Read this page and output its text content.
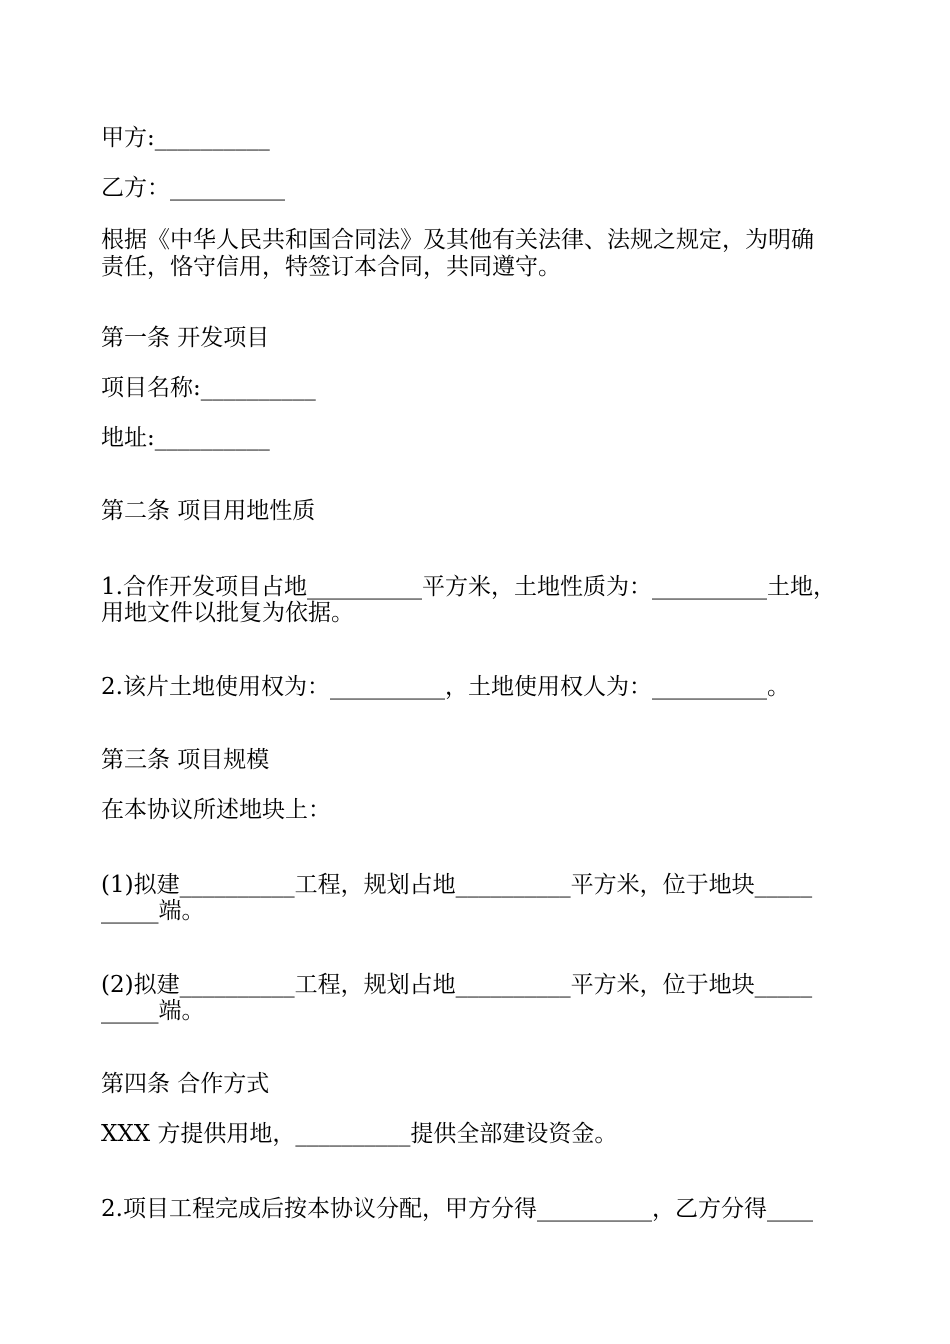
甲方:__________
乙方：__________
根据《中华人民共和国合同法》及其他有关法律、法规之规定，为明确
责任，恪守信用，特签订本合同，共同遵守。
第一条 开发项目
项目名称:__________
地址:__________
第二条 项目用地性质
1.合作开发项目占地__________平方米，土地性质为：__________土地，
用地文件以批复为依据。
2.该片土地使用权为：__________，土地使用权人为：__________。
第三条 项目规模
在本协议所述地块上：
(1)拟建__________工程，规划占地__________平方米，位于地块_____
_____端。
(2)拟建__________工程，规划占地__________平方米，位于地块_____
_____端。
第四条 合作方式
XXX 方提供用地，__________提供全部建设资金。
2.项目工程完成后按本协议分配，甲方分得__________，乙方分得____
